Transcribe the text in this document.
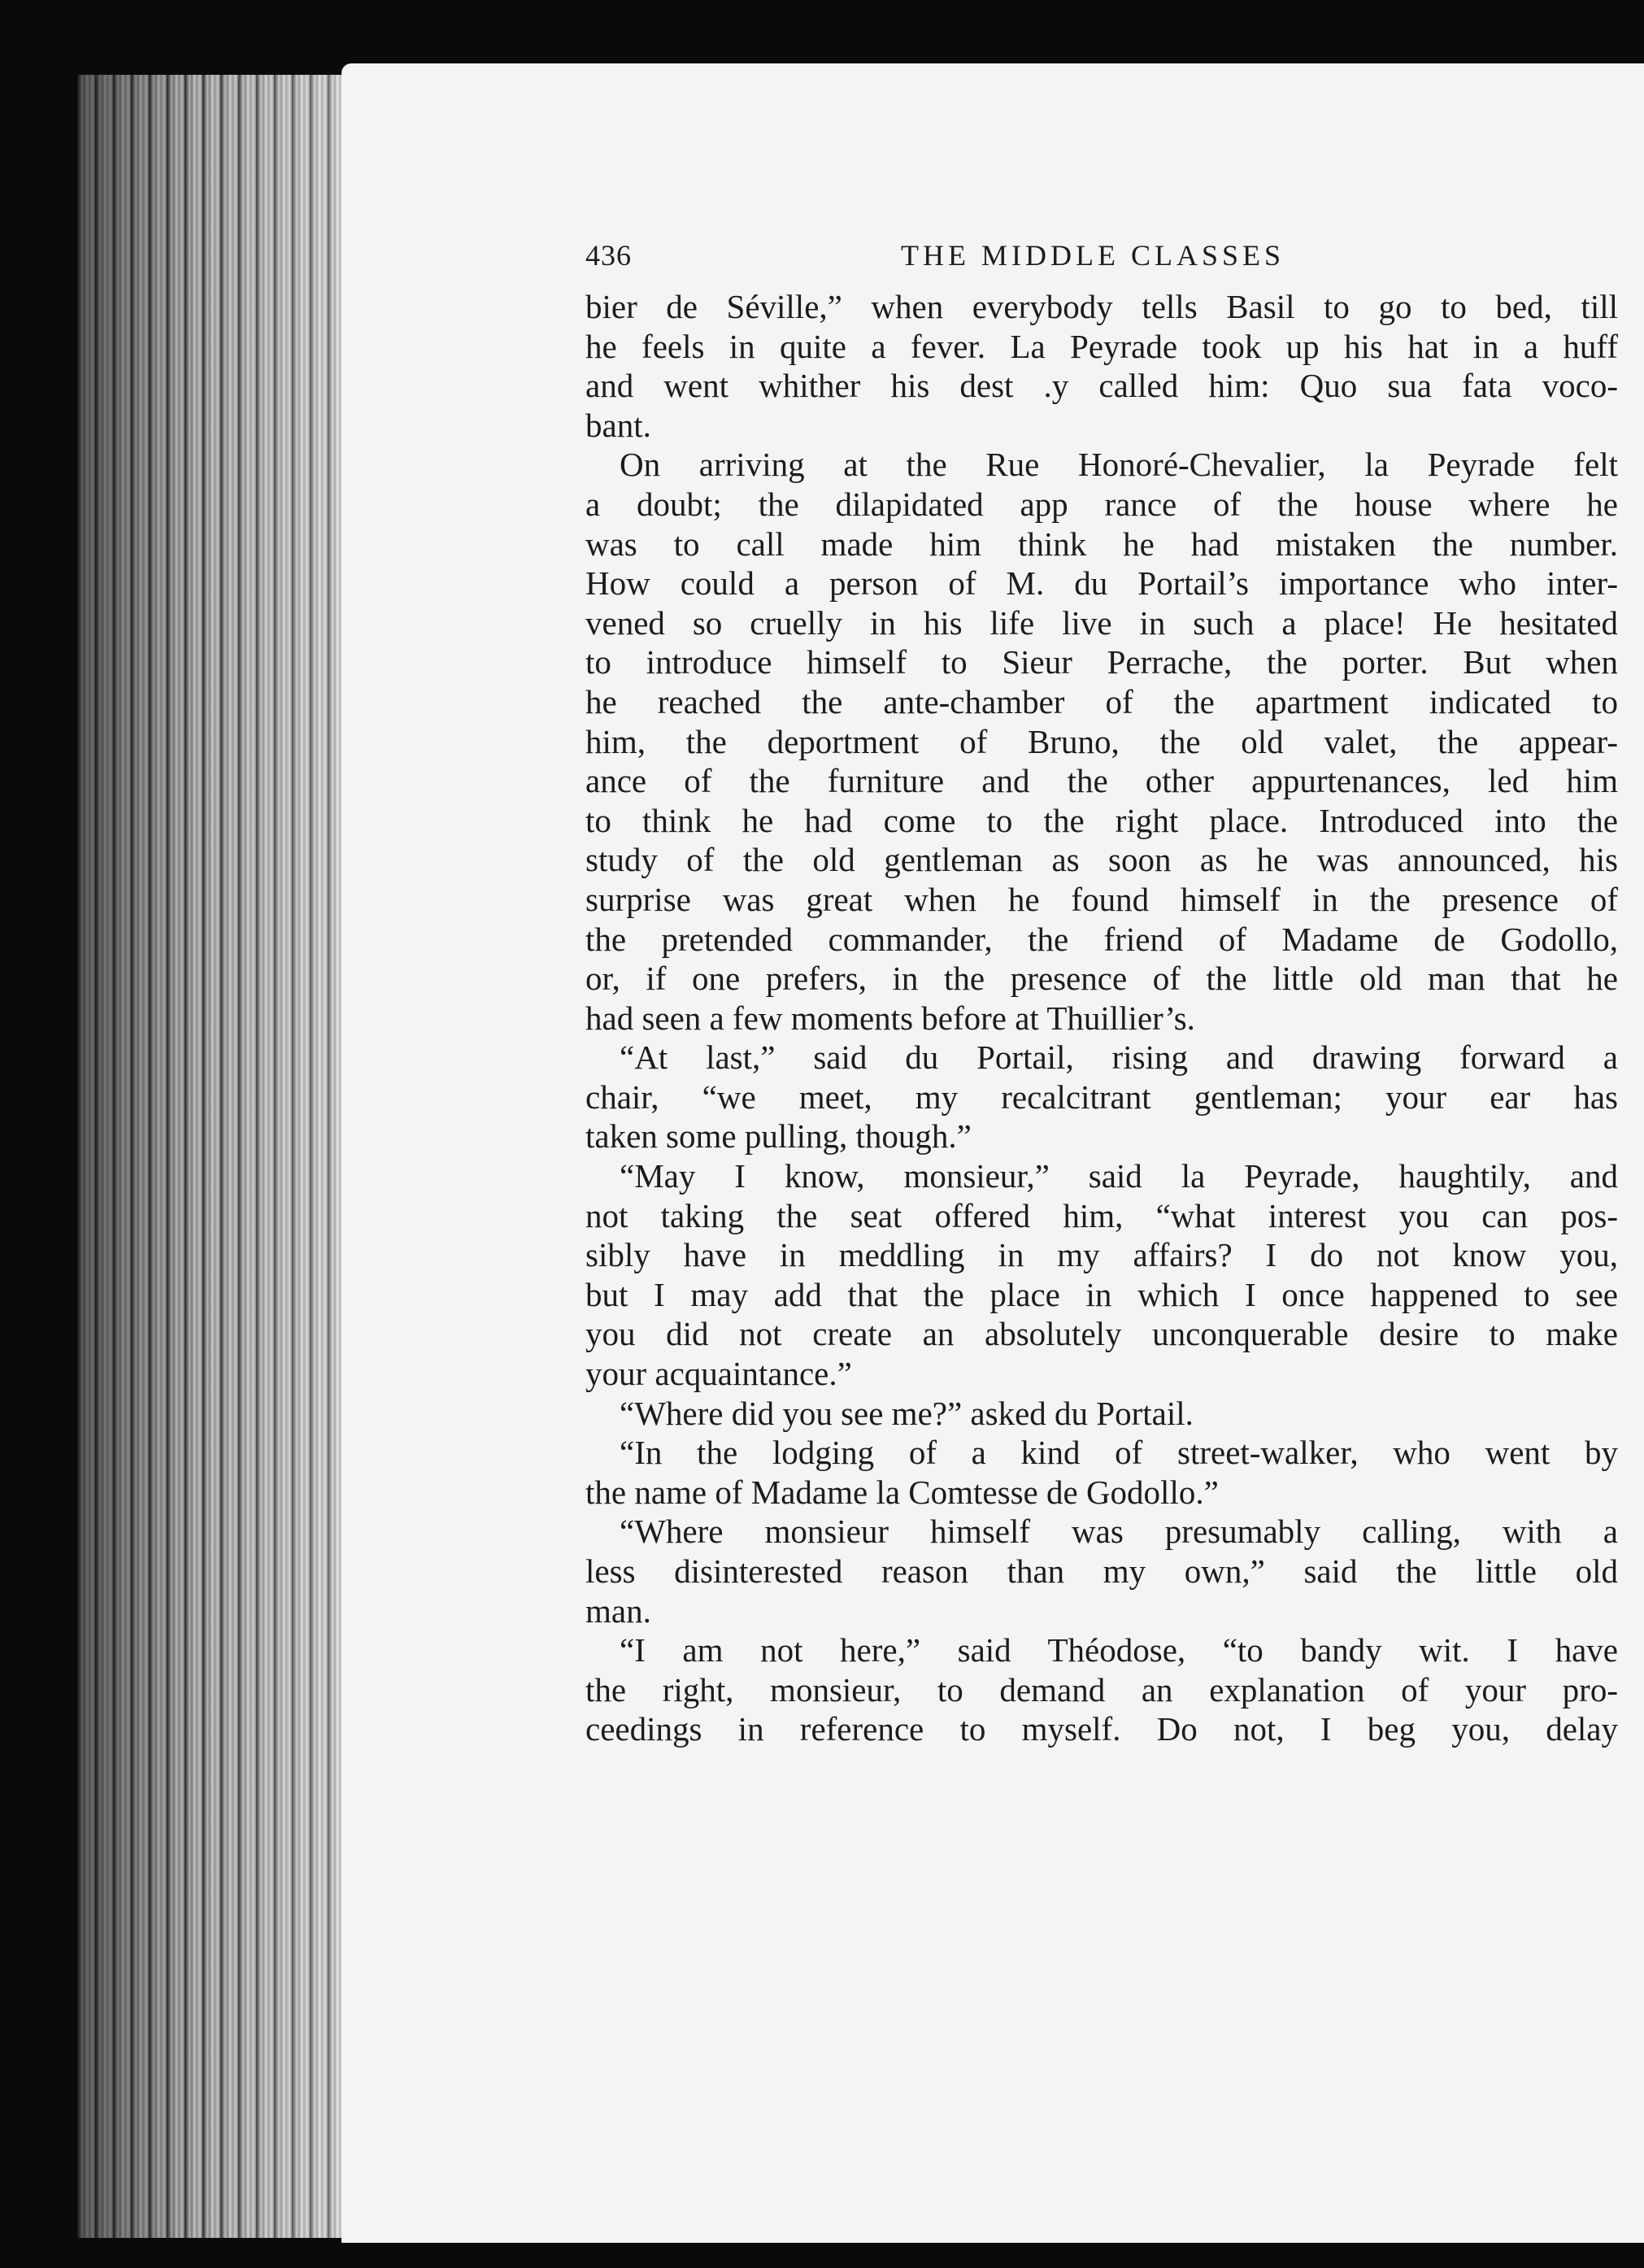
436	THE MIDDLE CLASSES
bier de Séville,” when everybody tells Basil to go to bed, till
he feels in quite a fever. La Peyrade took up his hat in a huff
and went whither his dest .y called him: Quo sua fata voco-
bant.
On arriving at the Rue Honoré-Chevalier, la Peyrade felt
a doubt; the dilapidated app rance of the house where he
was to call made him think he had mistaken the number.
How could a person of M. du Portail’s importance who inter-
vened so cruelly in his life live in such a place! He hesitated
to introduce himself to Sieur Perrache, the porter. But when
he reached the ante-chamber of the apartment indicated to
him, the deportment of Bruno, the old valet, the appear-
ance of the furniture and the other appurtenances, led him
to think he had come to the right place. Introduced into the
study of the old gentleman as soon as he was announced, his
surprise was great when he found himself in the presence of
the pretended commander, the friend of Madame de Godollo,
or, if one prefers, in the presence of the little old man that he
had seen a few moments before at Thuillier’s.
“At last,” said du Portail, rising and drawing forward a
chair, “we meet, my recalcitrant gentleman; your ear has
taken some pulling, though.”
“May I know, monsieur,” said la Peyrade, haughtily, and
not taking the seat offered him, “what interest you can pos-
sibly have in meddling in my affairs? I do not know you,
but I may add that the place in which I once happened to see
you did not create an absolutely unconquerable desire to make
your acquaintance.”
“Where did you see me?” asked du Portail.
“In the lodging of a kind of street-walker, who went by
the name of Madame la Comtesse de Godollo.”
“Where monsieur himself was presumably calling, with a
less disinterested reason than my own,” said the little old
man.
“I am not here,” said Théodose, “to bandy wit. I have
the right, monsieur, to demand an explanation of your pro-
ceedings in reference to myself. Do not, I beg you, delay
